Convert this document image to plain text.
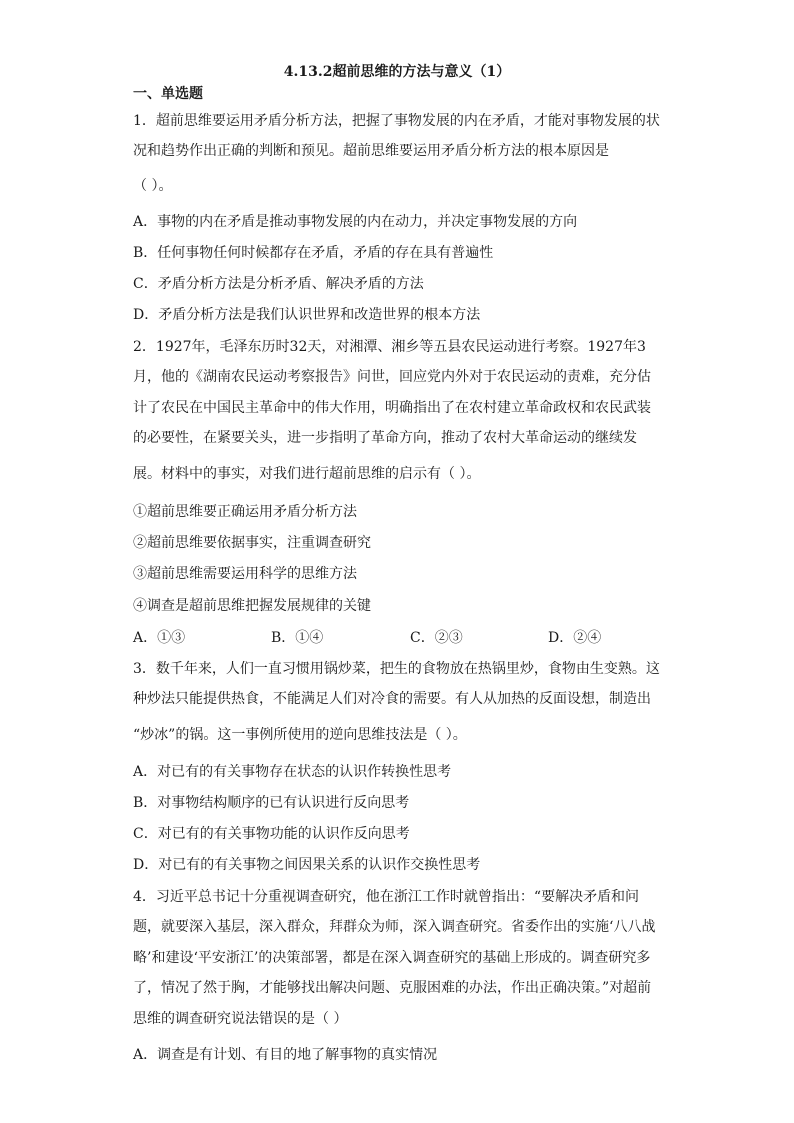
4.13.2超前思维的方法与意义（1）
一、单选题
1．超前思维要运用矛盾分析方法，把握了事物发展的内在矛盾，才能对事物发展的状
况和趋势作出正确的判断和预见。超前思维要运用矛盾分析方法的根本原因是
（ ）。
A．事物的内在矛盾是推动事物发展的内在动力，并决定事物发展的方向
B．任何事物任何时候都存在矛盾，矛盾的存在具有普遍性
C．矛盾分析方法是分析矛盾、解决矛盾的方法
D．矛盾分析方法是我们认识世界和改造世界的根本方法
2．1927年，毛泽东历时32天，对湘潭、湘乡等五县农民运动进行考察。1927年3
月，他的《湖南农民运动考察报告》问世，回应党内外对于农民运动的责难，充分估
计了农民在中国民主革命中的伟大作用，明确指出了在农村建立革命政权和农民武装
的必要性，在紧要关头，进一步指明了革命方向，推动了农村大革命运动的继续发
展。材料中的事实，对我们进行超前思维的启示有（ ）。
①超前思维要正确运用矛盾分析方法
②超前思维要依据事实，注重调查研究
③超前思维需要运用科学的思维方法
④调查是超前思维把握发展规律的关键
A．①③	B．①④	C．②③	D．②④
3．数千年来，人们一直习惯用锅炒菜，把生的食物放在热锅里炒，食物由生变熟。这
种炒法只能提供热食，不能满足人们对冷食的需要。有人从加热的反面设想，制造出
“炒冰”的锅。这一事例所使用的逆向思维技法是（ ）。
A．对已有的有关事物存在状态的认识作转换性思考
B．对事物结构顺序的已有认识进行反向思考
C．对已有的有关事物功能的认识作反向思考
D．对已有的有关事物之间因果关系的认识作交换性思考
4．习近平总书记十分重视调查研究，他在浙江工作时就曾指出：“要解决矛盾和问
题，就要深入基层，深入群众，拜群众为师，深入调查研究。省委作出的实施‘八八战
略’和建设‘平安浙江’的决策部署，都是在深入调查研究的基础上形成的。调查研究多
了，情况了然于胸，才能够找出解决问题、克服困难的办法，作出正确决策。”对超前
思维的调查研究说法错误的是（ ）
A．调查是有计划、有目的地了解事物的真实情况
